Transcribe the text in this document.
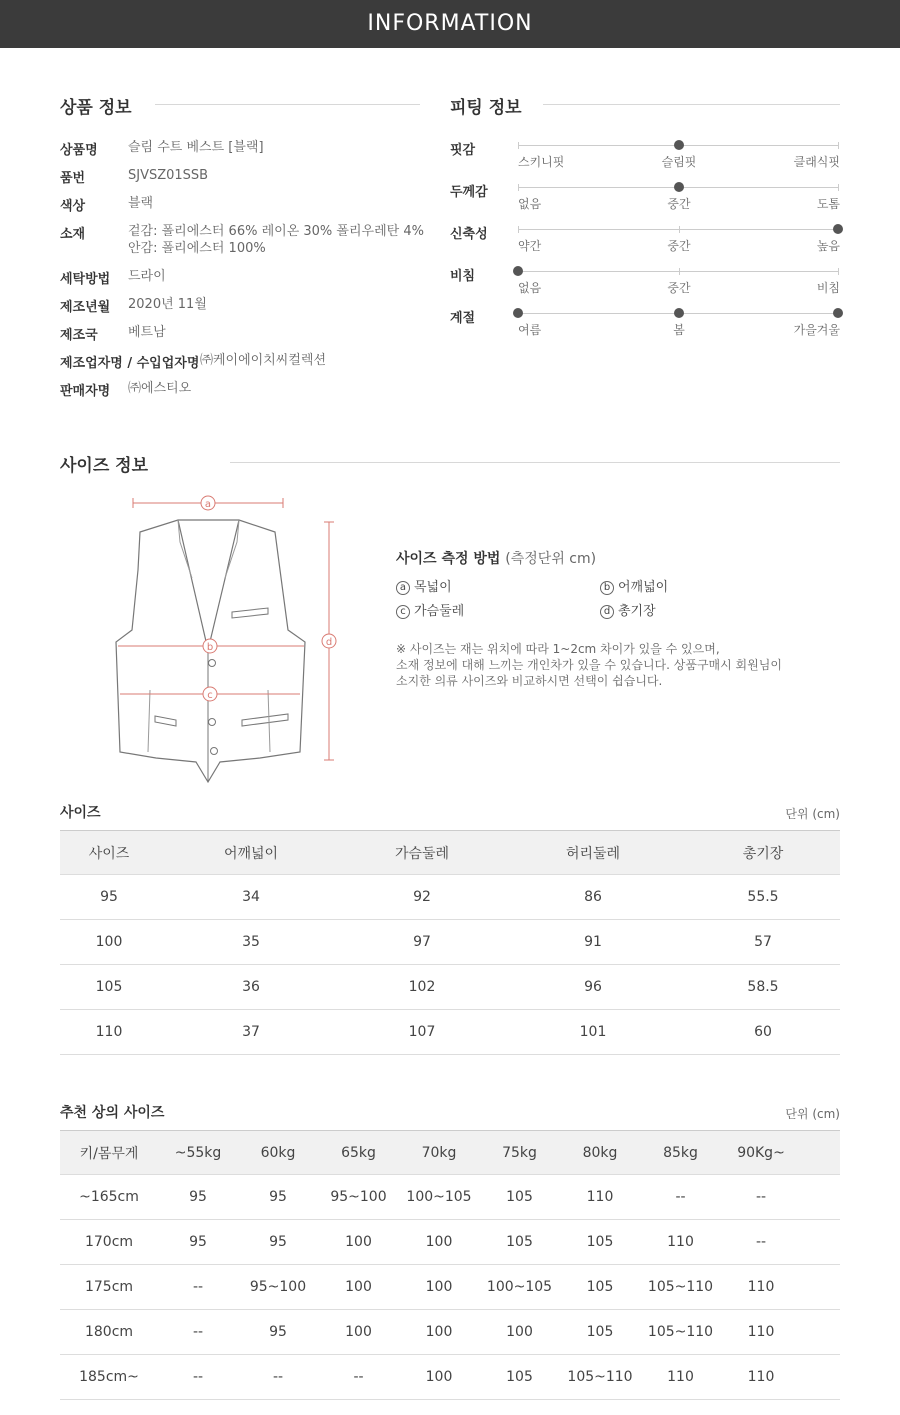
INFORMATION
상품 정보
상품명 슬림 수트 베스트 [블랙]
품번	SJVSZ01SSB
색상	블랙
소재	겉감: 폴리에스터 66% 레이온 30% 폴리우레탄 4%
안감: 폴리에스터 100%
세탁방법 드라이
제조년월 2020년 11월
제조국 베트남
제조업자명 / 수입업자명 ㈜케이에이치씨컬렉션
판매자명 ㈜에스티오
피팅 정보
핏감
스키니핏	슬림핏	클래식핏
두께감
없음	중간	도톰
신축성
약간	중간	높음
비침
없음	중간	비침
계절
여름	봄	가을겨울
사이즈 정보
a
d
b
c
사이즈 측정 방법 (측정단위 cm)
a 목넓이	b 어깨넓이
c 가슴둘레	d 총기장
※ 사이즈는 재는 위치에 따라 1~2cm 차이가 있을 수 있으며,
소재 정보에 대해 느끼는 개인차가 있을 수 있습니다. 상품구매시 회원님이
소지한 의류 사이즈와 비교하시면 선택이 쉽습니다.
사이즈	단위 (cm)
사이즈	어깨넓이	가슴둘레	허리둘레	총기장
95	34	92	86	55.5
100	35	97	91	57
105	36	102	96	58.5
110	37	107	101	60
추천 상의 사이즈	단위 (cm)
키/몸무게	~55kg	60kg	65kg	70kg	75kg	80kg	85kg	90Kg~	
~165cm	95	95	95~100	100~105	105	110	--	--	
170cm	95	95	100	100	105	105	110	--	
175cm	--	95~100	100	100	100~105	105	105~110	110	
180cm	--	95	100	100	100	105	105~110	110	
185cm~	--	--	--	100	105	105~110	110	110	
